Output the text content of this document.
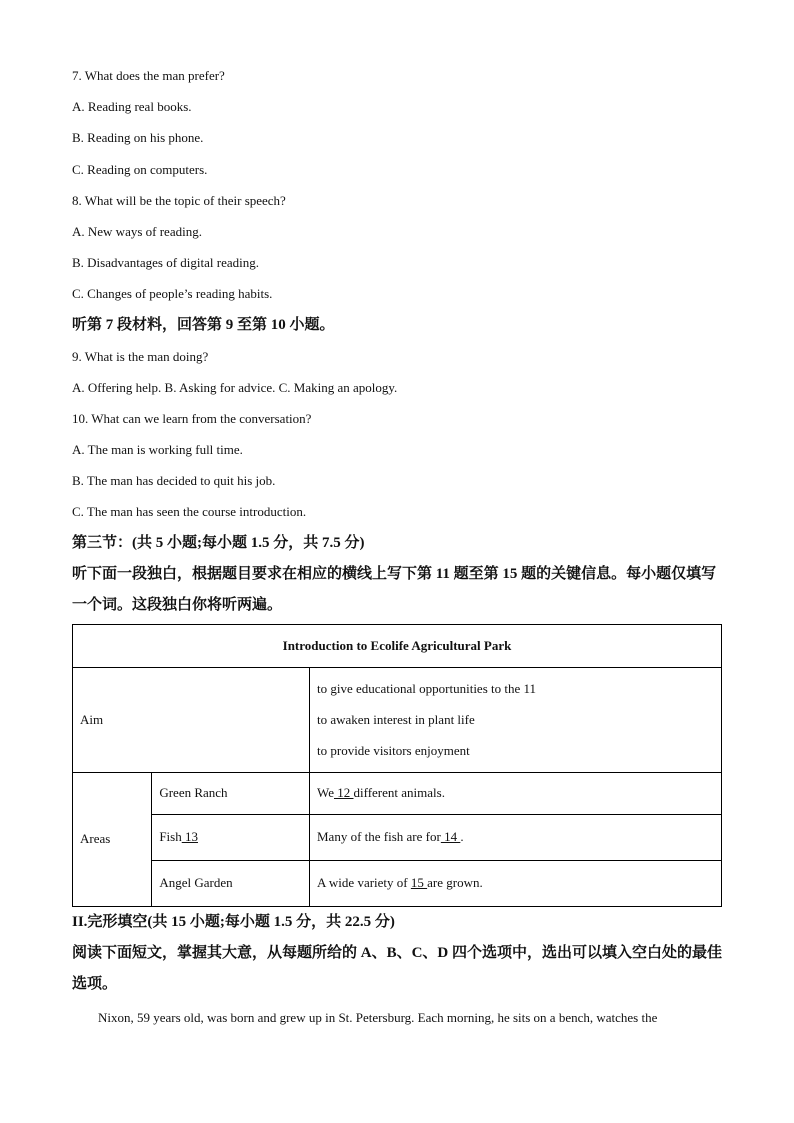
7. What does the man prefer?
A. Reading real books.
B. Reading on his phone.
C. Reading on computers.
8. What will be the topic of their speech?
A. New ways of reading.
B. Disadvantages of digital reading.
C. Changes of people’s reading habits.
听第 7 段材料，回答第 9 至第 10 小题。
9. What is the man doing?
A. Offering help. B. Asking for advice. C. Making an apology.
10. What can we learn from the conversation?
A. The man is working full time.
B. The man has decided to quit his job.
C. The man has seen the course introduction.
第三节：(共 5 小题;每小题 1.5 分，共 7.5 分)
听下面一段独白，根据题目要求在相应的横线上写下第 11 题至第 15 题的关键信息。每小题仅填写一个词。这段独白你将听两遍。
Introduction to Ecolife Agricultural Park		
Aim		to give educational opportunities to the 11
to awaken interest in plant life
to provide visitors enjoyment

Areas	Green Ranch	We 12 different animals.
	Fish 13	Many of the fish are for 14 .
	Angel Garden	A wide variety of 15 are grown.
II.完形填空(共 15 小题;每小题 1.5 分，共 22.5 分)
阅读下面短文，掌握其大意，从每题所给的 A、B、C、D 四个选项中，选出可以填入空白处的最佳选项。
Nixon, 59 years old, was born and grew up in St. Petersburg. Each morning, he sits on a bench, watches the
